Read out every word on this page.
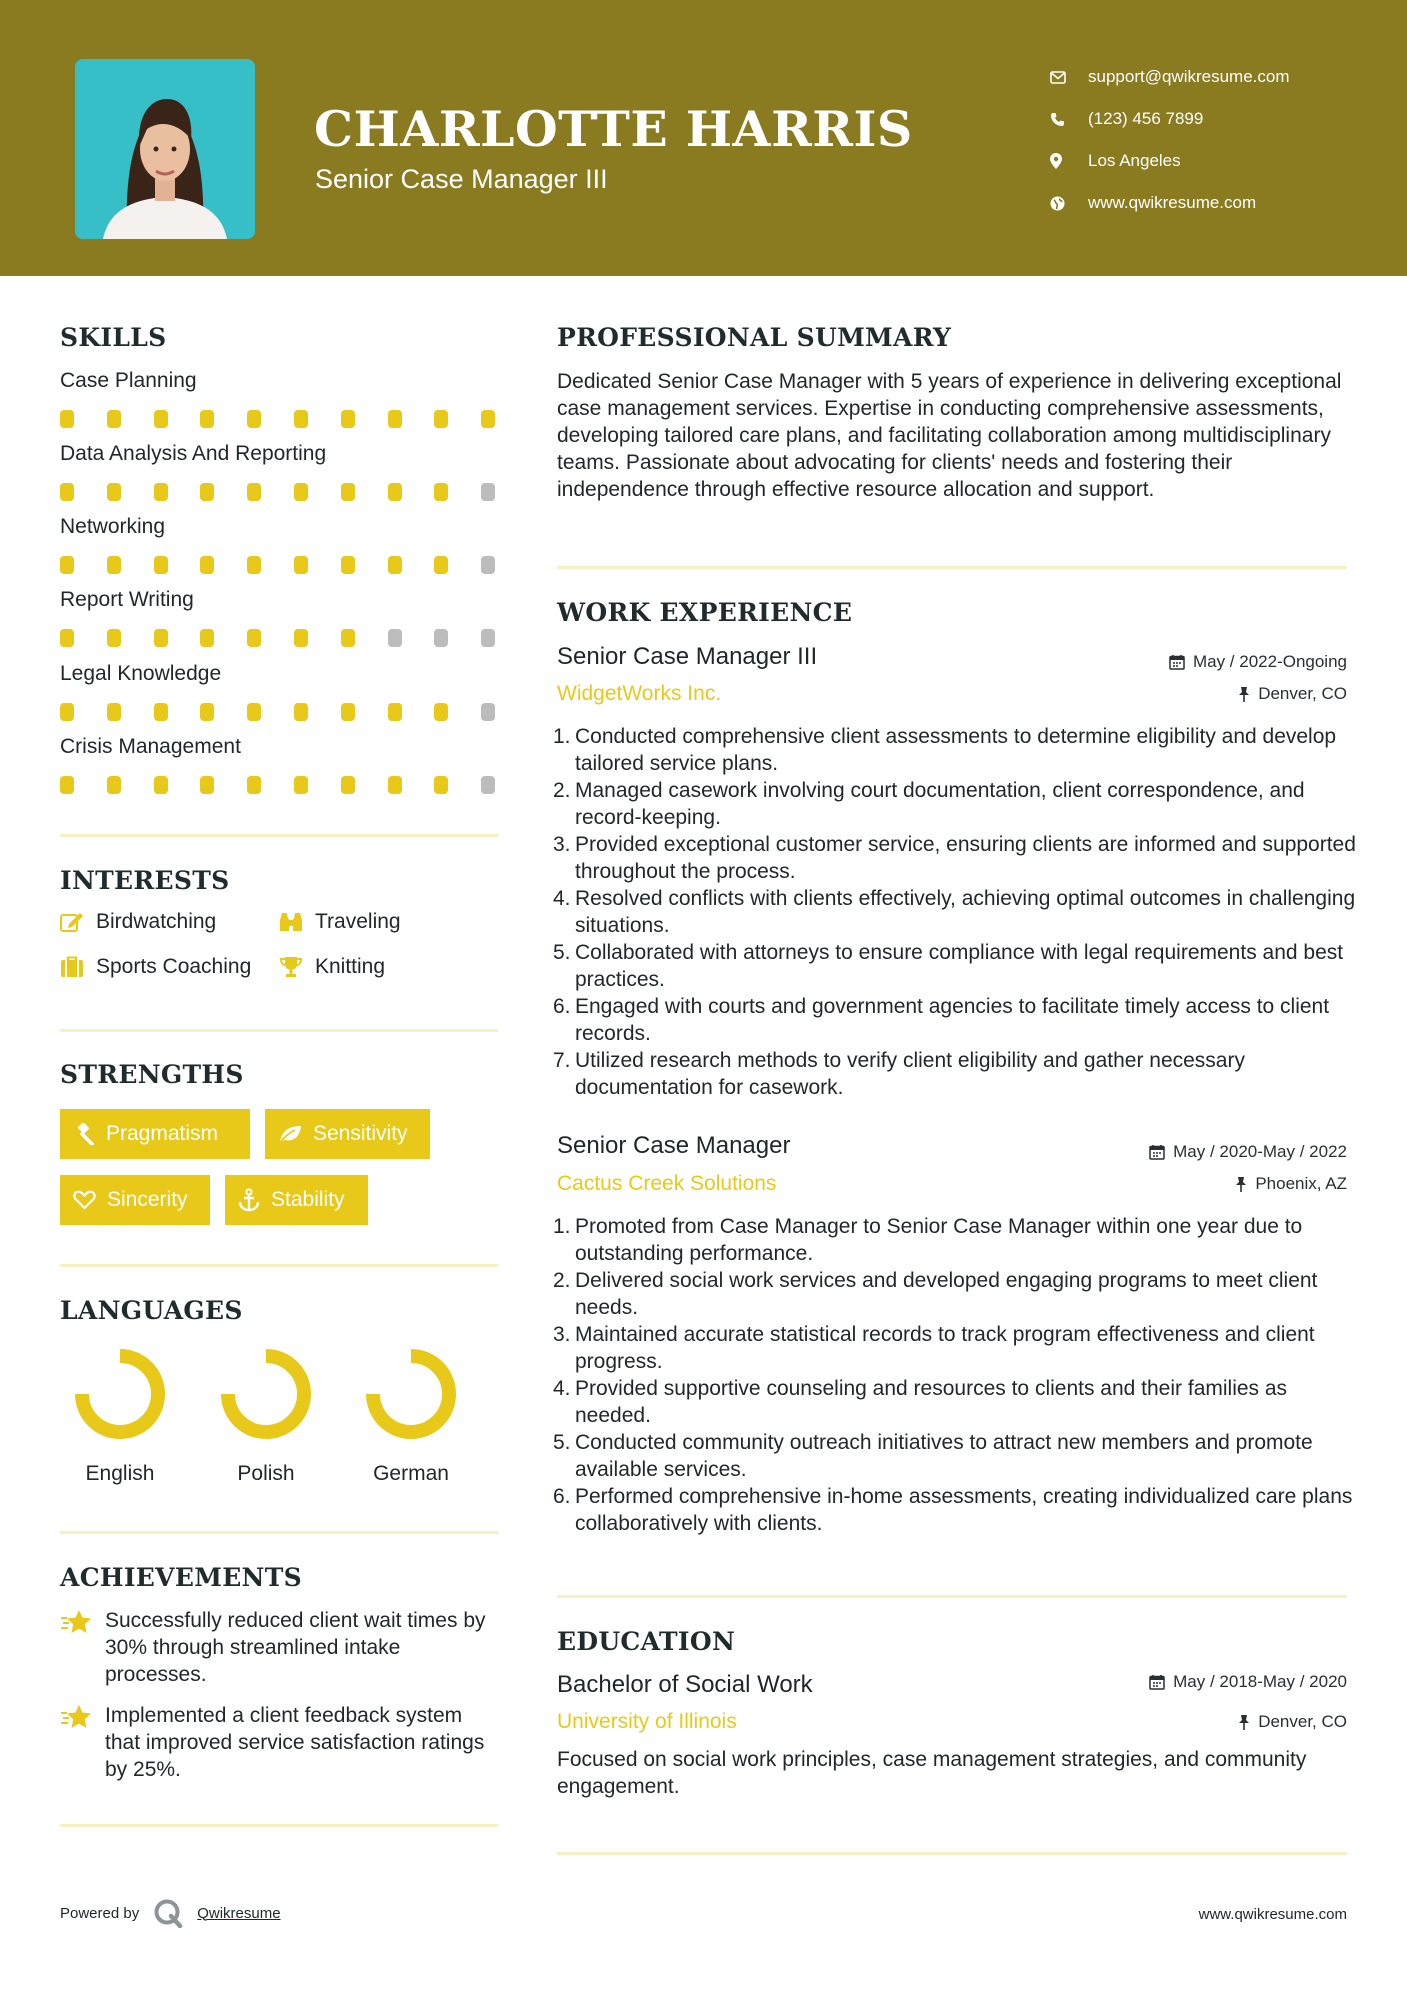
CHARLOTTE HARRIS
Senior Case Manager III
support@qwikresume.com
(123) 456 7899
Los Angeles
www.qwikresume.com
SKILLS
Case Planning
Data Analysis And Reporting
Networking
Report Writing
Legal Knowledge
Crisis Management
INTERESTS
Birdwatching	Traveling
Sports Coaching	Knitting
STRENGTHS
Pragmatism	Sensitivity
Sincerity	Stability
LANGUAGES
English	Polish	German
ACHIEVEMENTS
Successfully reduced client wait times by 30% through streamlined intake processes.
Implemented a client feedback system that improved service satisfaction ratings by 25%.
PROFESSIONAL SUMMARY
Dedicated Senior Case Manager with 5 years of experience in delivering exceptional case management services. Expertise in conducting comprehensive assessments, developing tailored care plans, and facilitating collaboration among multidisciplinary teams. Passionate about advocating for clients' needs and fostering their independence through effective resource allocation and support.
WORK EXPERIENCE
Senior Case Manager III	May / 2022-Ongoing
WidgetWorks Inc.	Denver, CO
1. Conducted comprehensive client assessments to determine eligibility and develop tailored service plans.
2. Managed casework involving court documentation, client correspondence, and record-keeping.
3. Provided exceptional customer service, ensuring clients are informed and supported throughout the process.
4. Resolved conflicts with clients effectively, achieving optimal outcomes in challenging situations.
5. Collaborated with attorneys to ensure compliance with legal requirements and best practices.
6. Engaged with courts and government agencies to facilitate timely access to client records.
7. Utilized research methods to verify client eligibility and gather necessary documentation for casework.
Senior Case Manager	May / 2020-May / 2022
Cactus Creek Solutions	Phoenix, AZ
1. Promoted from Case Manager to Senior Case Manager within one year due to outstanding performance.
2. Delivered social work services and developed engaging programs to meet client needs.
3. Maintained accurate statistical records to track program effectiveness and client progress.
4. Provided supportive counseling and resources to clients and their families as needed.
5. Conducted community outreach initiatives to attract new members and promote available services.
6. Performed comprehensive in-home assessments, creating individualized care plans collaboratively with clients.
EDUCATION
Bachelor of Social Work	May / 2018-May / 2020
University of Illinois	Denver, CO
Focused on social work principles, case management strategies, and community engagement.
Powered by	Qwikresume	www.qwikresume.com
